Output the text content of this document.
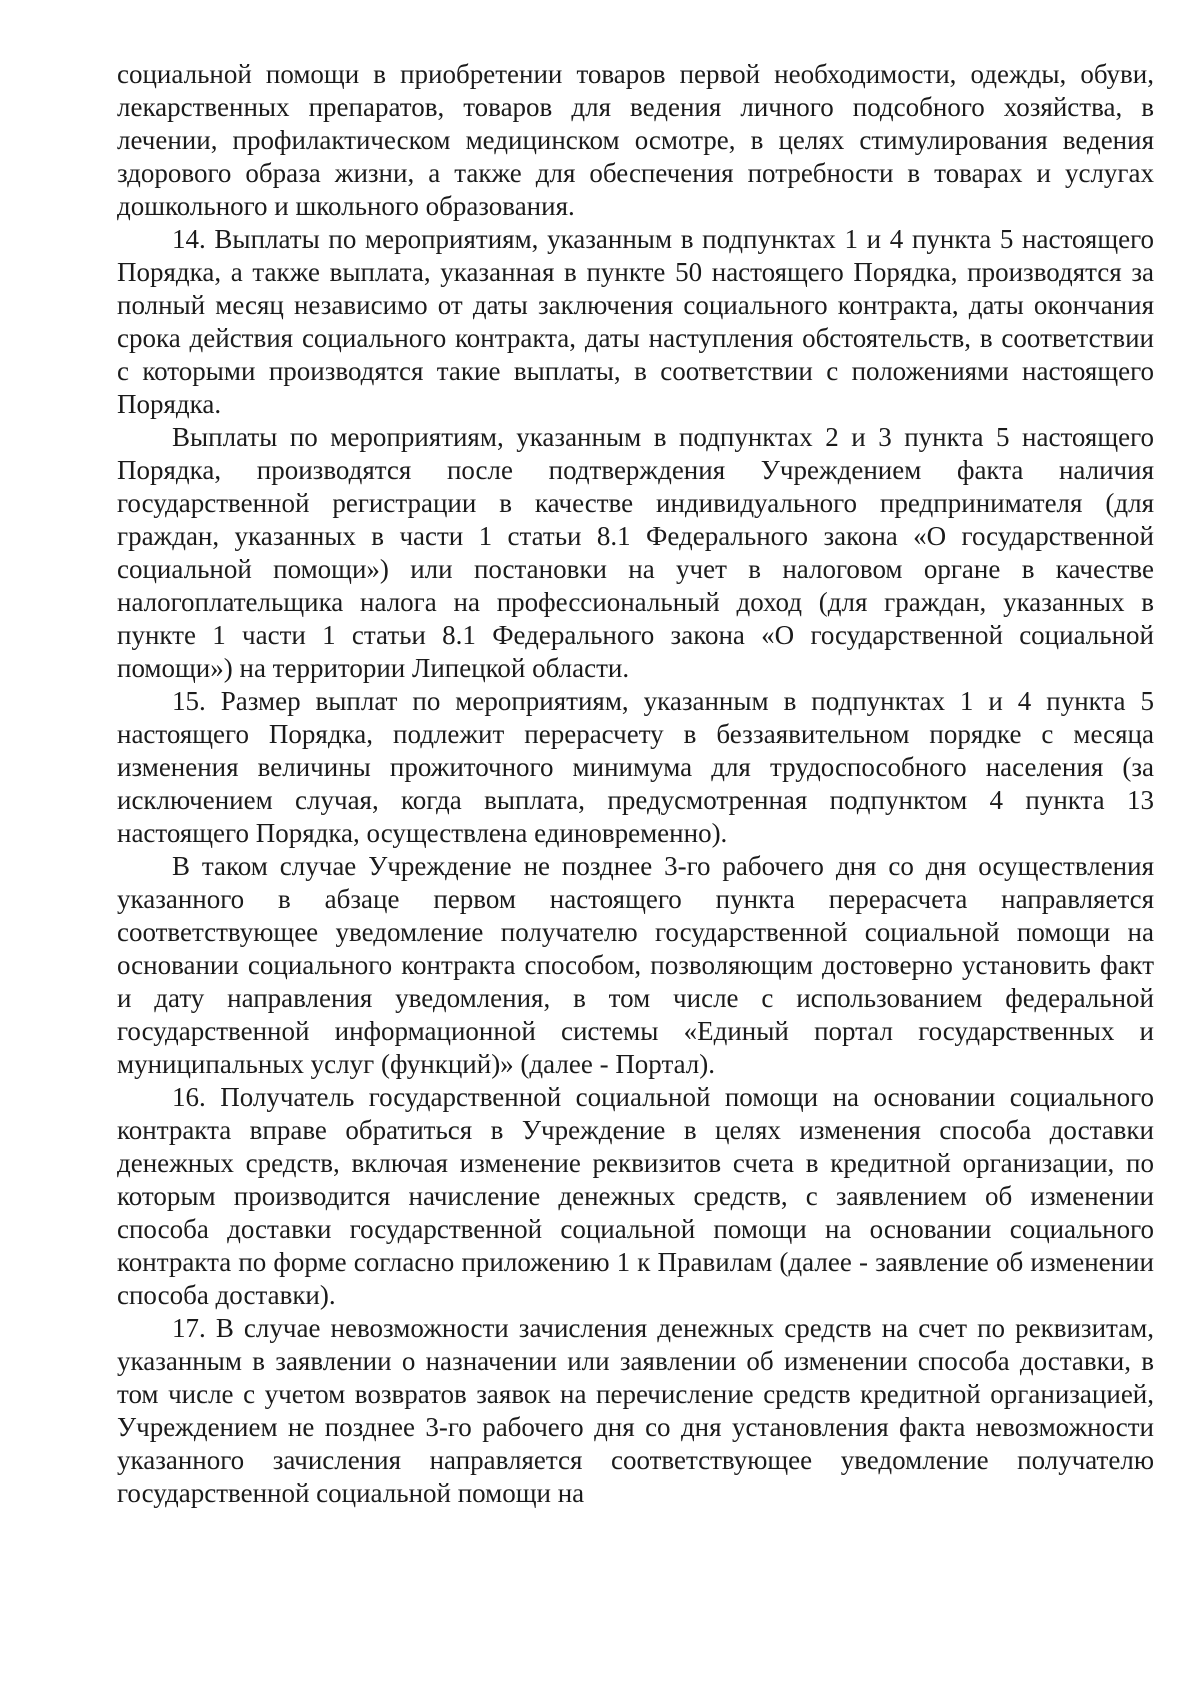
социальной помощи в приобретении товаров первой необходимости, одежды, обуви, лекарственных препаратов, товаров для ведения личного подсобного хозяйства, в лечении, профилактическом медицинском осмотре, в целях стимулирования ведения здорового образа жизни, а также для обеспечения потребности в товарах и услугах дошкольного и школьного образования.

14. Выплаты по мероприятиям, указанным в подпунктах 1 и 4 пункта 5 настоящего Порядка, а также выплата, указанная в пункте 50 настоящего Порядка, производятся за полный месяц независимо от даты заключения социального контракта, даты окончания срока действия социального контракта, даты наступления обстоятельств, в соответствии с которыми производятся такие выплаты, в соответствии с положениями настоящего Порядка.

Выплаты по мероприятиям, указанным в подпунктах 2 и 3 пункта 5 настоящего Порядка, производятся после подтверждения Учреждением факта наличия государственной регистрации в качестве индивидуального предпринимателя (для граждан, указанных в части 1 статьи 8.1 Федерального закона «О государственной социальной помощи») или постановки на учет в налоговом органе в качестве налогоплательщика налога на профессиональный доход (для граждан, указанных в пункте 1 части 1 статьи 8.1 Федерального закона «О государственной социальной помощи») на территории Липецкой области.

15. Размер выплат по мероприятиям, указанным в подпунктах 1 и 4 пункта 5 настоящего Порядка, подлежит перерасчету в беззаявительном порядке с месяца изменения величины прожиточного минимума для трудоспособного населения (за исключением случая, когда выплата, предусмотренная подпунктом 4 пункта 13 настоящего Порядка, осуществлена единовременно).

В таком случае Учреждение не позднее 3-го рабочего дня со дня осуществления указанного в абзаце первом настоящего пункта перерасчета направляется соответствующее уведомление получателю государственной социальной помощи на основании социального контракта способом, позволяющим достоверно установить факт и дату направления уведомления, в том числе с использованием федеральной государственной информационной системы «Единый портал государственных и муниципальных услуг (функций)» (далее - Портал).

16. Получатель государственной социальной помощи на основании социального контракта вправе обратиться в Учреждение в целях изменения способа доставки денежных средств, включая изменение реквизитов счета в кредитной организации, по которым производится начисление денежных средств, с заявлением об изменении способа доставки государственной социальной помощи на основании социального контракта по форме согласно приложению 1 к Правилам (далее - заявление об изменении способа доставки).

17. В случае невозможности зачисления денежных средств на счет по реквизитам, указанным в заявлении о назначении или заявлении об изменении способа доставки, в том числе с учетом возвратов заявок на перечисление средств кредитной организацией, Учреждением не позднее 3-го рабочего дня со дня установления факта невозможности указанного зачисления направляется соответствующее уведомление получателю государственной социальной помощи на
